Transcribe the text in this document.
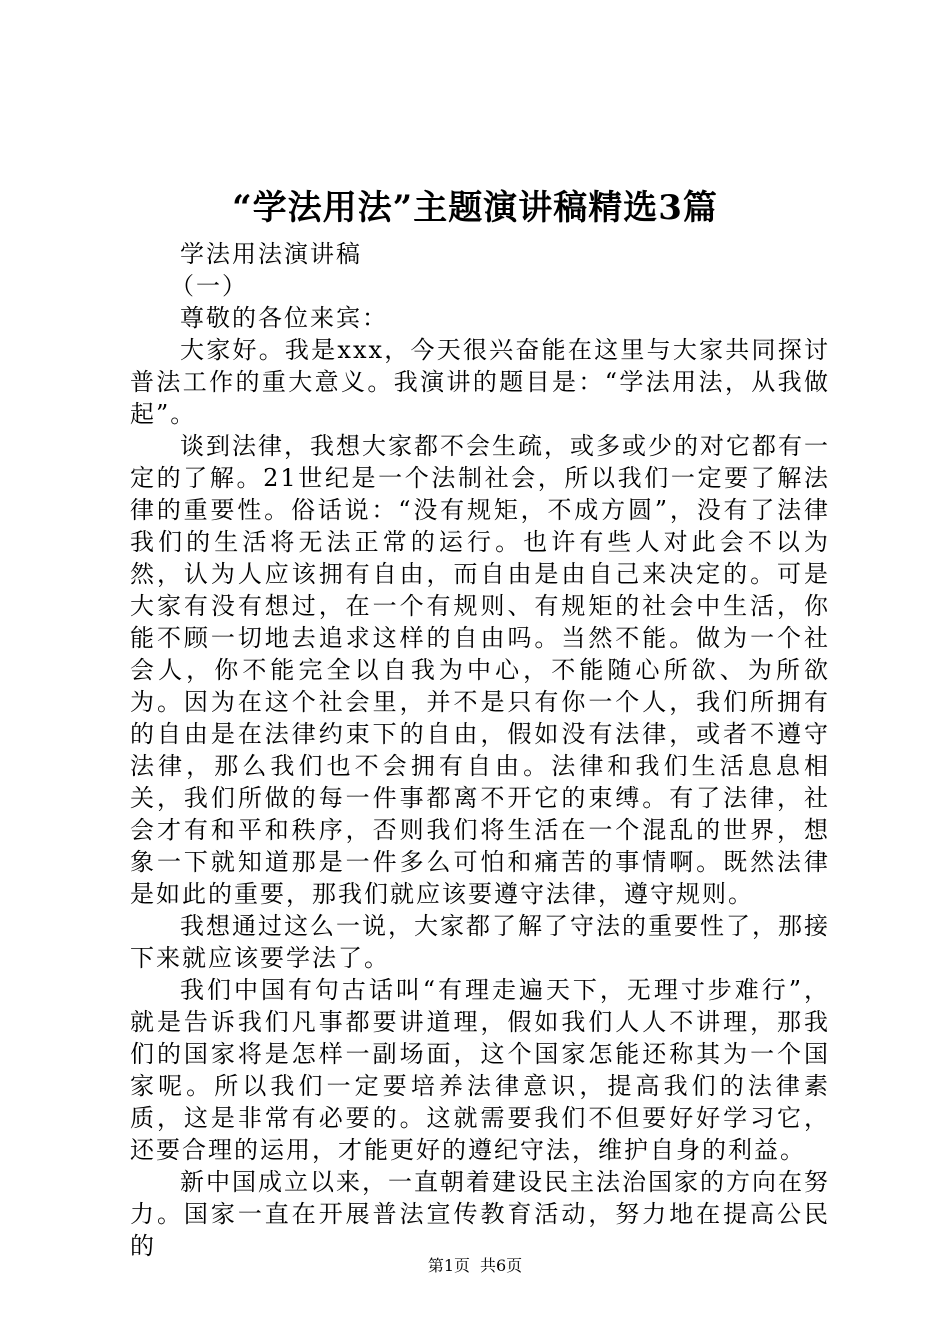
“学法用法”主题演讲稿精选3篇

学法用法演讲稿

（一）

尊敬的各位来宾：

大家好。我是xxx，今天很兴奋能在这里与大家共同探讨普法工作的重大意义。我演讲的题目是：“学法用法，从我做起”。

谈到法律，我想大家都不会生疏，或多或少的对它都有一定的了解。21世纪是一个法制社会，所以我们一定要了解法律的重要性。俗话说：“没有规矩，不成方圆”，没有了法律我们的生活将无法正常的运行。也许有些人对此会不以为然，认为人应该拥有自由，而自由是由自己来决定的。可是大家有没有想过，在一个有规则、有规矩的社会中生活，你能不顾一切地去追求这样的自由吗。当然不能。做为一个社会人，你不能完全以自我为中心，不能随心所欲、为所欲为。因为在这个社会里，并不是只有你一个人，我们所拥有的自由是在法律约束下的自由，假如没有法律，或者不遵守法律，那么我们也不会拥有自由。法律和我们生活息息相关，我们所做的每一件事都离不开它的束缚。有了法律，社会才有和平和秩序，否则我们将生活在一个混乱的世界，想象一下就知道那是一件多么可怕和痛苦的事情啊。既然法律是如此的重要，那我们就应该要遵守法律，遵守规则。

我想通过这么一说，大家都了解了守法的重要性了，那接下来就应该要学法了。

我们中国有句古话叫“有理走遍天下，无理寸步难行”，就是告诉我们凡事都要讲道理，假如我们人人不讲理，那我们的国家将是怎样一副场面，这个国家怎能还称其为一个国家呢。所以我们一定要培养法律意识，提高我们的法律素质，这是非常有必要的。这就需要我们不但要好好学习它，还要合理的运用，才能更好的遵纪守法，维护自身的利益。

新中国成立以来，一直朝着建设民主法治国家的方向在努力。国家一直在开展普法宣传教育活动，努力地在提高公民的

第1页 共6页
